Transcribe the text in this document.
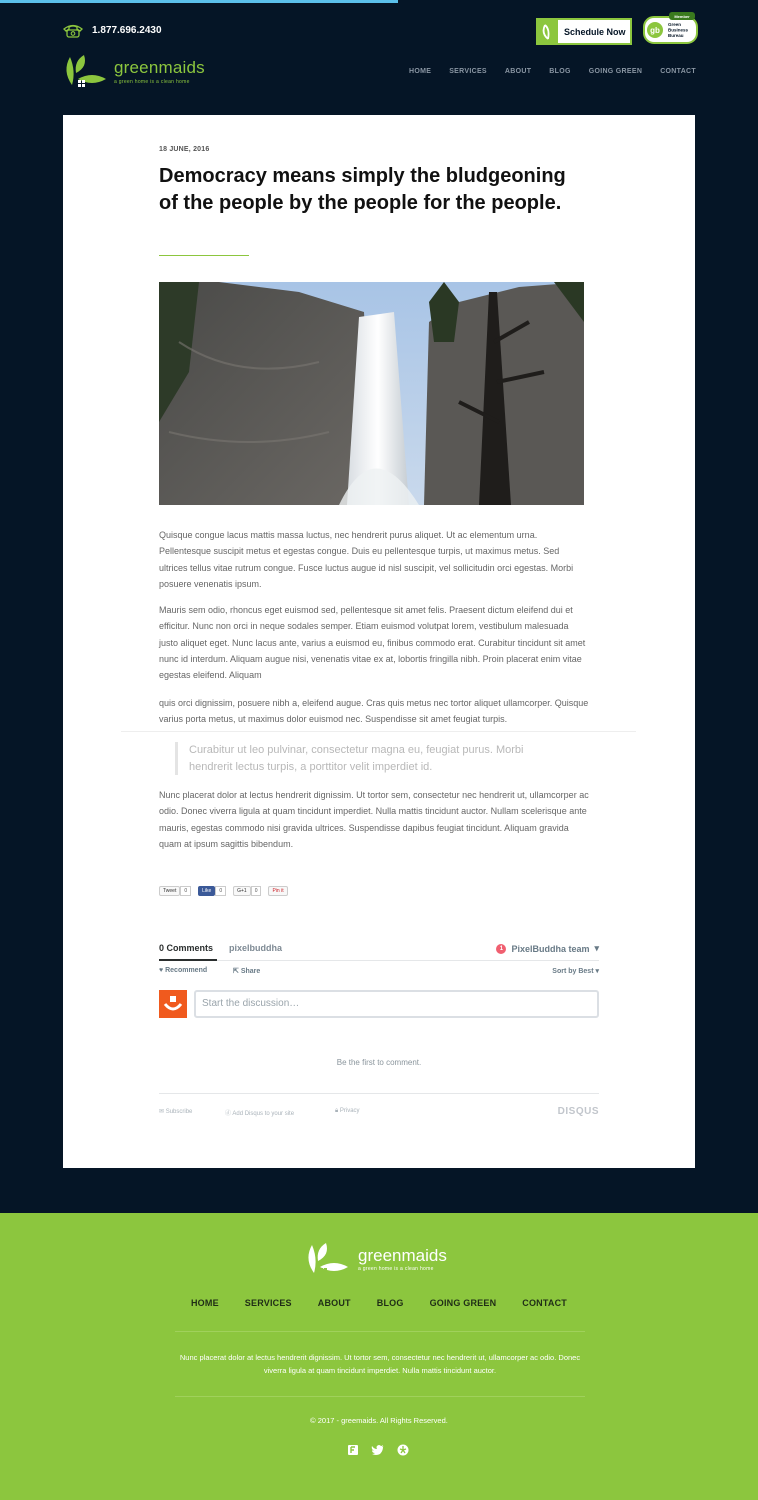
1.877.696.2430	Schedule Now
Member
gb
Green
Business
Bureau
greenmaids
a green home is a clean home
HOME	SERVICES	ABOUT	BLOG	GOING GREEN	CONTACT
18 JUNE, 2016
Democracy means simply the bludgeoning of the people by the people for the people.

Quisque congue lacus mattis massa luctus, nec hendrerit purus aliquet. Ut ac elementum urna. Pellentesque suscipit metus et egestas congue. Duis eu pellentesque turpis, ut maximus metus. Sed ultrices tellus vitae rutrum congue. Fusce luctus augue id nisl suscipit, vel sollicitudin orci egestas. Morbi posuere venenatis ipsum.

Mauris sem odio, rhoncus eget euismod sed, pellentesque sit amet felis. Praesent dictum eleifend dui et efficitur. Nunc non orci in neque sodales semper. Etiam euismod volutpat lorem, vestibulum malesuada justo aliquet eget. Nunc lacus ante, varius a euismod eu, finibus commodo erat. Curabitur tincidunt sit amet nunc id interdum. Aliquam augue nisi, venenatis vitae ex at, lobortis fringilla nibh. Proin placerat enim vitae egestas eleifend. Aliquam

quis orci dignissim, posuere nibh a, eleifend augue. Cras quis metus nec tortor aliquet ullamcorper. Quisque varius porta metus, ut maximus dolor euismod nec. Suspendisse sit amet feugiat turpis.

Curabitur ut leo pulvinar, consectetur magna eu, feugiat purus. Morbi hendrerit lectus turpis, a porttitor velit imperdiet id.

Nunc placerat dolor at lectus hendrerit dignissim. Ut tortor sem, consectetur nec hendrerit ut, ullamcorper ac odio. Donec viverra ligula at quam tincidunt imperdiet. Nulla mattis tincidunt auctor. Nullam scelerisque ante mauris, egestas commodo nisi gravida ultrices. Suspendisse dapibus feugiat tincidunt. Aliquam gravida quam at ipsum sagittis bibendum.

Tweet	0	Like	0	G+1	0	Pin it
0 Comments	pixelbuddha	1 PixelBuddha team ▾
♥ Recommend	⇱ Share	Sort by Best ▾
Start the discussion…
Be the first to comment.
✉ Subscribe	ⓓ Add Disqus to your site	🔒︎ Privacy	DISQUS
greenmaids
a green home is a clean home
HOME	SERVICES	ABOUT	BLOG	GOING GREEN	CONTACT

Nunc placerat dolor at lectus hendrerit dignissim. Ut tortor sem, consectetur nec hendrerit ut, ullamcorper ac odio. Donec viverra ligula at quam tincidunt imperdiet. Nulla mattis tincidunt auctor.

© 2017 - greemaids. All Rights Reserved.
